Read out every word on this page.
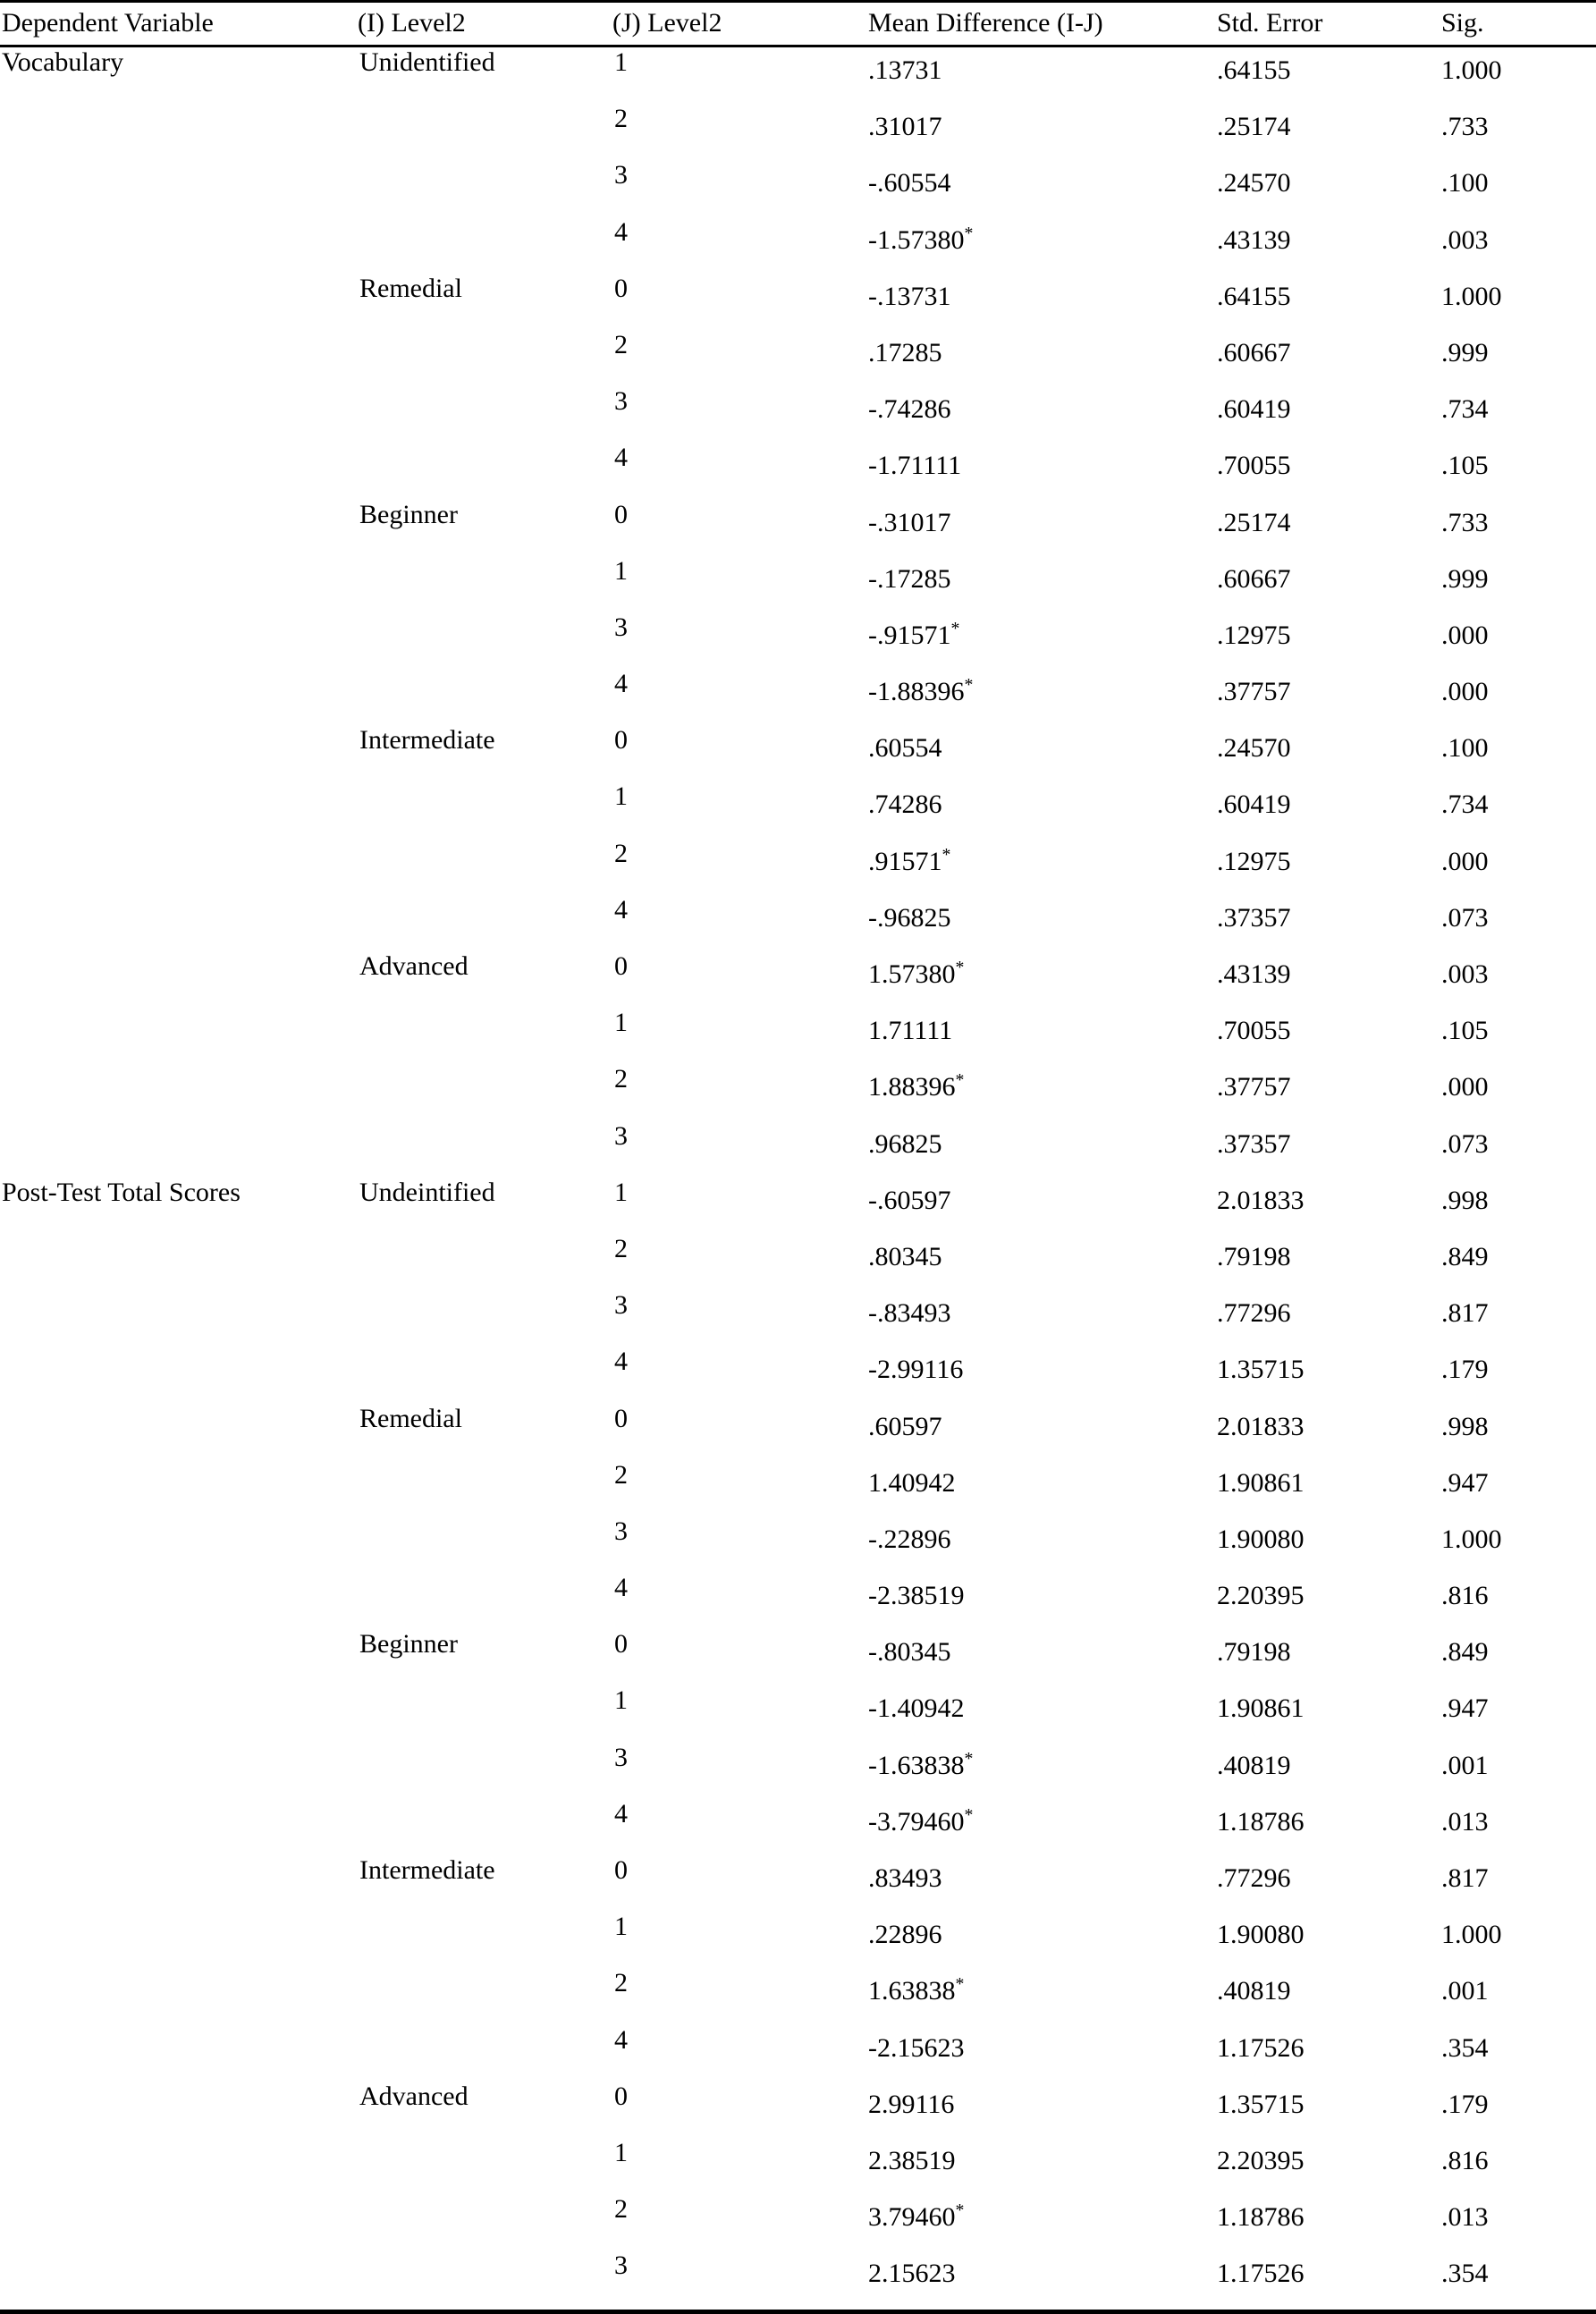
Dependent Variable	(I) Level2	(J) Level2	Mean Difference (I-J)	Std. Error	Sig.
Vocabulary	Unidentified	1	.13731	.64155	1.000
		2	.31017	.25174	.733
		3	-.60554	.24570	.100
		4	-1.57380*	.43139	.003
	Remedial	0	-.13731	.64155	1.000
		2	.17285	.60667	.999
		3	-.74286	.60419	.734
		4	-1.71111	.70055	.105
	Beginner	0	-.31017	.25174	.733
		1	-.17285	.60667	.999
		3	-.91571*	.12975	.000
		4	-1.88396*	.37757	.000
	Intermediate	0	.60554	.24570	.100
		1	.74286	.60419	.734
		2	.91571*	.12975	.000
		4	-.96825	.37357	.073
	Advanced	0	1.57380*	.43139	.003
		1	1.71111	.70055	.105
		2	1.88396*	.37757	.000
		3	.96825	.37357	.073
Post-Test Total Scores	Undeintified	1	-.60597	2.01833	.998
		2	.80345	.79198	.849
		3	-.83493	.77296	.817
		4	-2.99116	1.35715	.179
	Remedial	0	.60597	2.01833	.998
		2	1.40942	1.90861	.947
		3	-.22896	1.90080	1.000
		4	-2.38519	2.20395	.816
	Beginner	0	-.80345	.79198	.849
		1	-1.40942	1.90861	.947
		3	-1.63838*	.40819	.001
		4	-3.79460*	1.18786	.013
	Intermediate	0	.83493	.77296	.817
		1	.22896	1.90080	1.000
		2	1.63838*	.40819	.001
		4	-2.15623	1.17526	.354
	Advanced	0	2.99116	1.35715	.179
		1	2.38519	2.20395	.816
		2	3.79460*	1.18786	.013
		3	2.15623	1.17526	.354
